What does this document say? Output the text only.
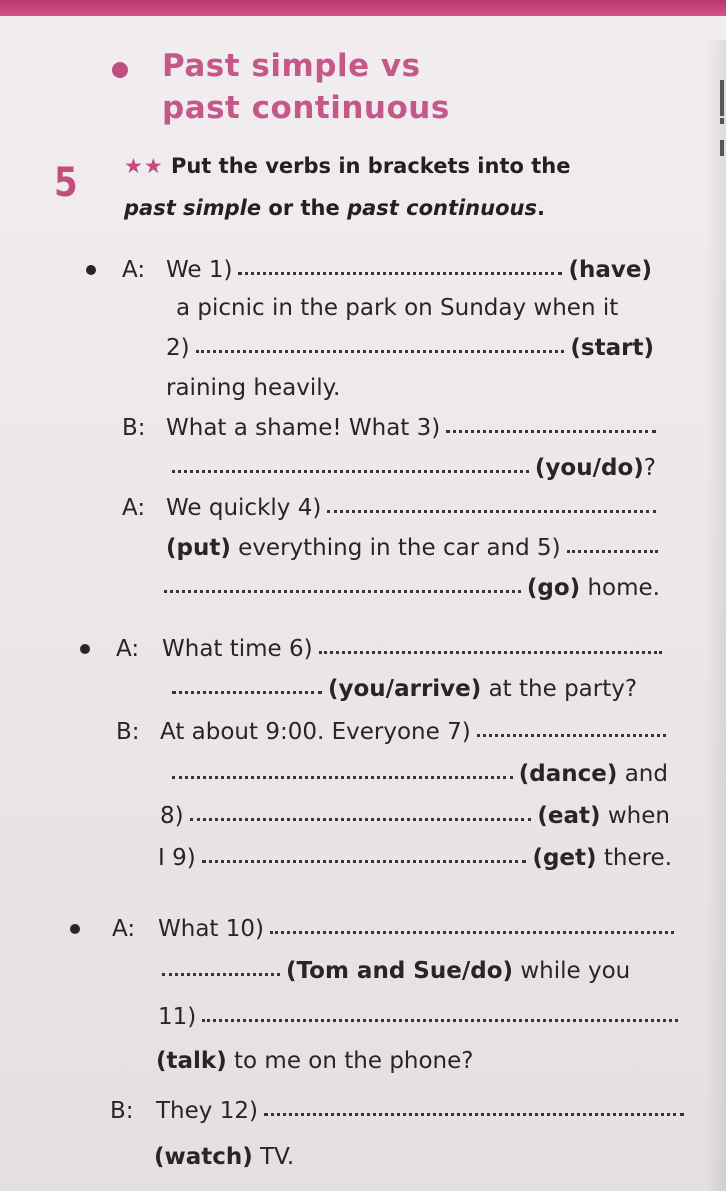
Past simple vs
past continuous
5 ★★ Put the verbs in brackets into the
past simple or the past continuous.
A: We 1)	(have)
a picnic in the park on Sunday when it
2)	(start)
raining heavily.
B: What a shame! What 3)
(you/do) ?
A: We quickly 4)
(put) everything in the car and 5)
(go) home.
A: What time 6)
(you/arrive) at the party?
B: At about 9:00. Everyone 7)
(dance) and
8)	(eat) when
I 9)	(get) there.
A: What 10)
(Tom and Sue/do) while you
11)
(talk) to me on the phone?
B: They 12)
(watch) TV.
